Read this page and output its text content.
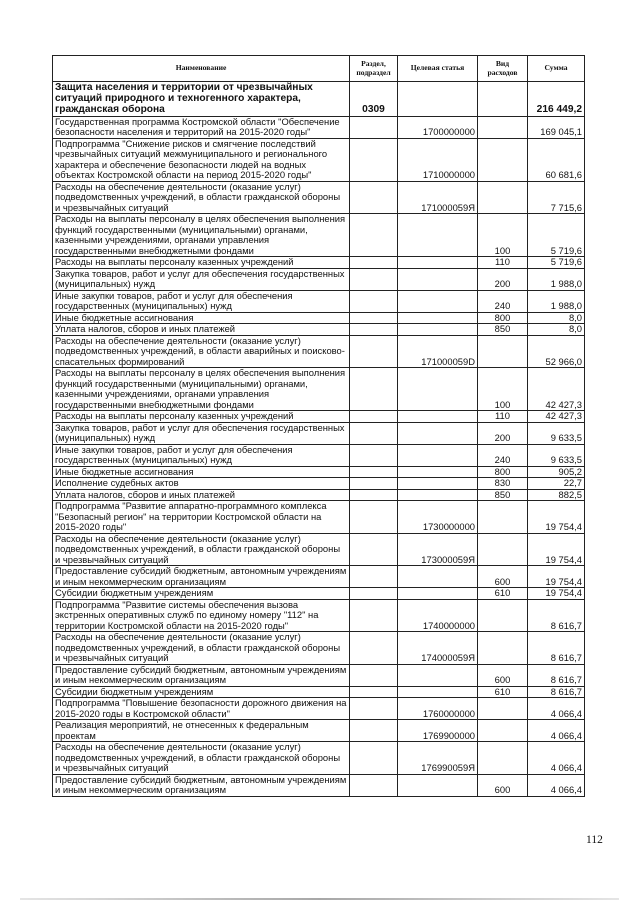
Наименование	Раздел, подраздел	Целевая статья	Вид расходов	Сумма
Защита населения и территории от чрезвычайных ситуаций природного и техногенного характера, гражданская оборона	0309			216 449,2
Государственная программа Костромской области "Обеспечение безопасности населения и территорий на 2015-2020 годы"		1700000000		169 045,1
Подпрограмма "Снижение рисков и смягчение последствий чрезвычайных ситуаций межмуниципального и регионального характера и обеспечение безопасности людей на водных объектах Костромской области на период 2015-2020 годы"		1710000000		60 681,6
Расходы на обеспечение деятельности (оказание услуг) подведомственных учреждений, в области гражданской обороны и чрезвычайных ситуаций		171000059Я		7 715,6
Расходы на выплаты персоналу в целях обеспечения выполнения функций государственными (муниципальными) органами, казенными учреждениями, органами управления государственными внебюджетными фондами			100	5 719,6
Расходы на выплаты персоналу казенных учреждений			110	5 719,6
Закупка товаров, работ и услуг для обеспечения государственных (муниципальных) нужд			200	1 988,0
Иные закупки товаров, работ и услуг для обеспечения государственных (муниципальных) нужд			240	1 988,0
Иные бюджетные ассигнования			800	8,0
Уплата налогов, сборов и иных платежей			850	8,0
Расходы на обеспечение деятельности (оказание услуг) подведомственных учреждений, в области аварийных и поисково-спасательных формирований		171000059D		52 966,0
Расходы на выплаты персоналу в целях обеспечения выполнения функций государственными (муниципальными) органами, казенными учреждениями, органами управления государственными внебюджетными фондами			100	42 427,3
Расходы на выплаты персоналу казенных учреждений			110	42 427,3
Закупка товаров, работ и услуг для обеспечения государственных (муниципальных) нужд			200	9 633,5
Иные закупки товаров, работ и услуг для обеспечения государственных (муниципальных) нужд			240	9 633,5
Иные бюджетные ассигнования			800	905,2
Исполнение судебных актов			830	22,7
Уплата налогов, сборов и иных платежей			850	882,5
Подпрограмма "Развитие аппаратно-программного комплекса "Безопасный регион" на территории Костромской области на 2015-2020 годы"		1730000000		19 754,4
Расходы на обеспечение деятельности (оказание услуг) подведомственных учреждений, в области гражданской обороны и чрезвычайных ситуаций		173000059Я		19 754,4
Предоставление субсидий бюджетным, автономным учреждениям и иным некоммерческим организациям			600	19 754,4
Субсидии бюджетным учреждениям			610	19 754,4
Подпрограмма "Развитие системы обеспечения вызова экстренных оперативных служб по единому номеру "112" на территории Костромской области на 2015-2020 годы"		1740000000		8 616,7
Расходы на обеспечение деятельности (оказание услуг) подведомственных учреждений, в области гражданской обороны и чрезвычайных ситуаций		174000059Я		8 616,7
Предоставление субсидий бюджетным, автономным учреждениям и иным некоммерческим организациям			600	8 616,7
Субсидии бюджетным учреждениям			610	8 616,7
Подпрограмма "Повышение безопасности дорожного движения на 2015-2020 годы в Костромской области"		1760000000		4 066,4
Реализация мероприятий, не отнесенных к федеральным проектам		1769900000		4 066,4
Расходы на обеспечение деятельности (оказание услуг) подведомственных учреждений, в области гражданской обороны и чрезвычайных ситуаций		176990059Я		4 066,4
Предоставление субсидий бюджетным, автономным учреждениям и иным некоммерческим организациям			600	4 066,4
112
